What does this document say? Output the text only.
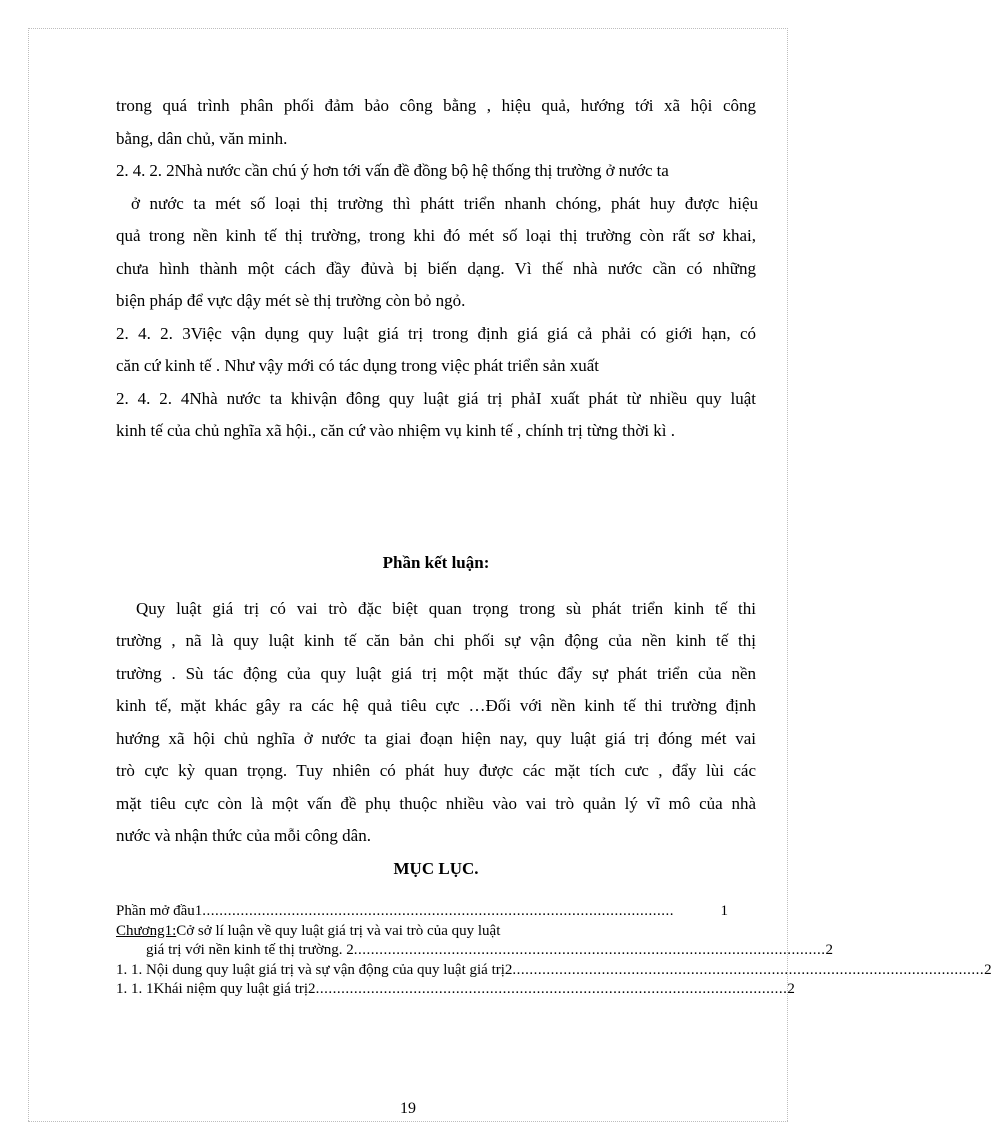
trong quá trình phân phối đảm bảo công bằng , hiệu quả, hướng tới xã hội công
bằng, dân chủ, văn minh.
2. 4. 2. 2Nhà nước cần chú ý hơn tới vấn đề đồng bộ hệ thống thị trường ở nước ta
ở nước ta mét số loại thị trường thì phátt triển nhanh chóng, phát huy được hiệu
quả trong nền kinh tế thị trường, trong khi đó mét số loại thị trường còn rất sơ khai,
chưa hình thành một cách đầy đủvà bị biến dạng. Vì thế nhà nước cần có những
biện pháp để vực dậy mét sè thị trường còn bỏ ngỏ.
2. 4. 2. 3Việc vận dụng quy luật giá trị trong định giá giá cả phải có giới hạn, có
căn cứ kinh tế . Như vậy mới có tác dụng trong việc phát triển sản xuất
2. 4. 2. 4Nhà nước ta khivận đông quy luật giá trị phảI xuất phát từ nhiều quy luật
kinh tế của chủ nghĩa xã hội., căn cứ vào nhiệm vụ kinh tế , chính trị từng thời kì .
Phần kết luận:
Quy luật giá trị có vai trò đặc biệt quan trọng trong sù phát triển kinh tế thi
trường , nã là quy luật kinh tế căn bản chi phối sự vận động của nền kinh tế thị
trường . Sù tác động của quy luật giá trị một mặt thúc đẩy sự phát triển của nền
kinh tế, mặt khác gây ra các hệ quả tiêu cực …Đối với nền kinh tế thi trường định
hướng xã hội chủ nghĩa ở nước ta giai đoạn hiện nay, quy luật giá trị đóng mét vai
trò cực kỳ quan trọng. Tuy nhiên có phát huy được các mặt tích cưc , đẩy lùi các
mặt tiêu cực còn là một vấn đề phụ thuộc nhiều vào vai trò quản lý vĩ mô của nhà
nước và nhận thức của mỗi công dân.
MỤC LỤC.
Phần mở đầu1 ...............................................................................................................	1
Chương1: Cở sở lí luận về quy luật giá trị và vai trò của quy luật
giá trị với nền kinh tế thị trường. 2 ............................................................................................................... 2
1. 1. Nội dung quy luật giá trị và sự vận động của quy luật giá trị2 ............................................................................................................... 2
1. 1. 1Khái niệm quy luật giá trị2 ............................................................................................................... 2
19
